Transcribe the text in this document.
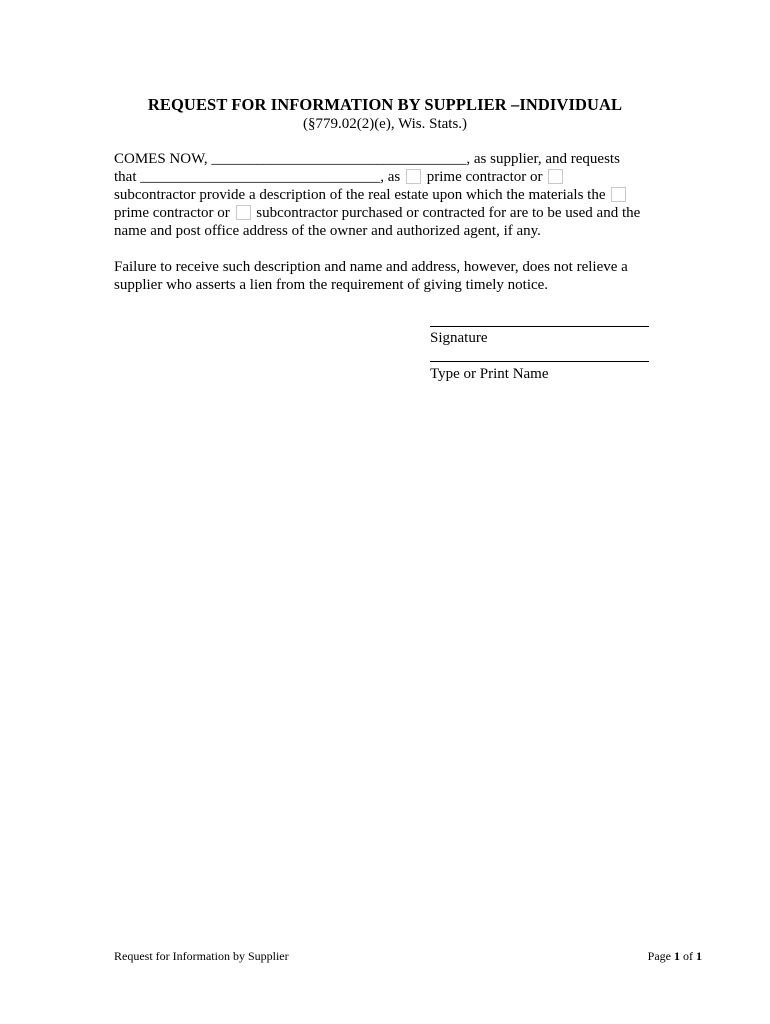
REQUEST FOR INFORMATION BY SUPPLIER –INDIVIDUAL
(§779.02(2)(e), Wis. Stats.)
COMES NOW, __________________________________, as supplier, and requests
that ________________________________, as  prime contractor or
subcontractor provide a description of the real estate upon which the materials the
prime contractor or  subcontractor purchased or contracted for are to be used and the
name and post office address of the owner and authorized agent, if any.
Failure to receive such description and name and address, however, does not relieve a
supplier who asserts a lien from the requirement of giving timely notice.
Signature
Type or Print Name
Request for Information by Supplier	Page 1 of 1
